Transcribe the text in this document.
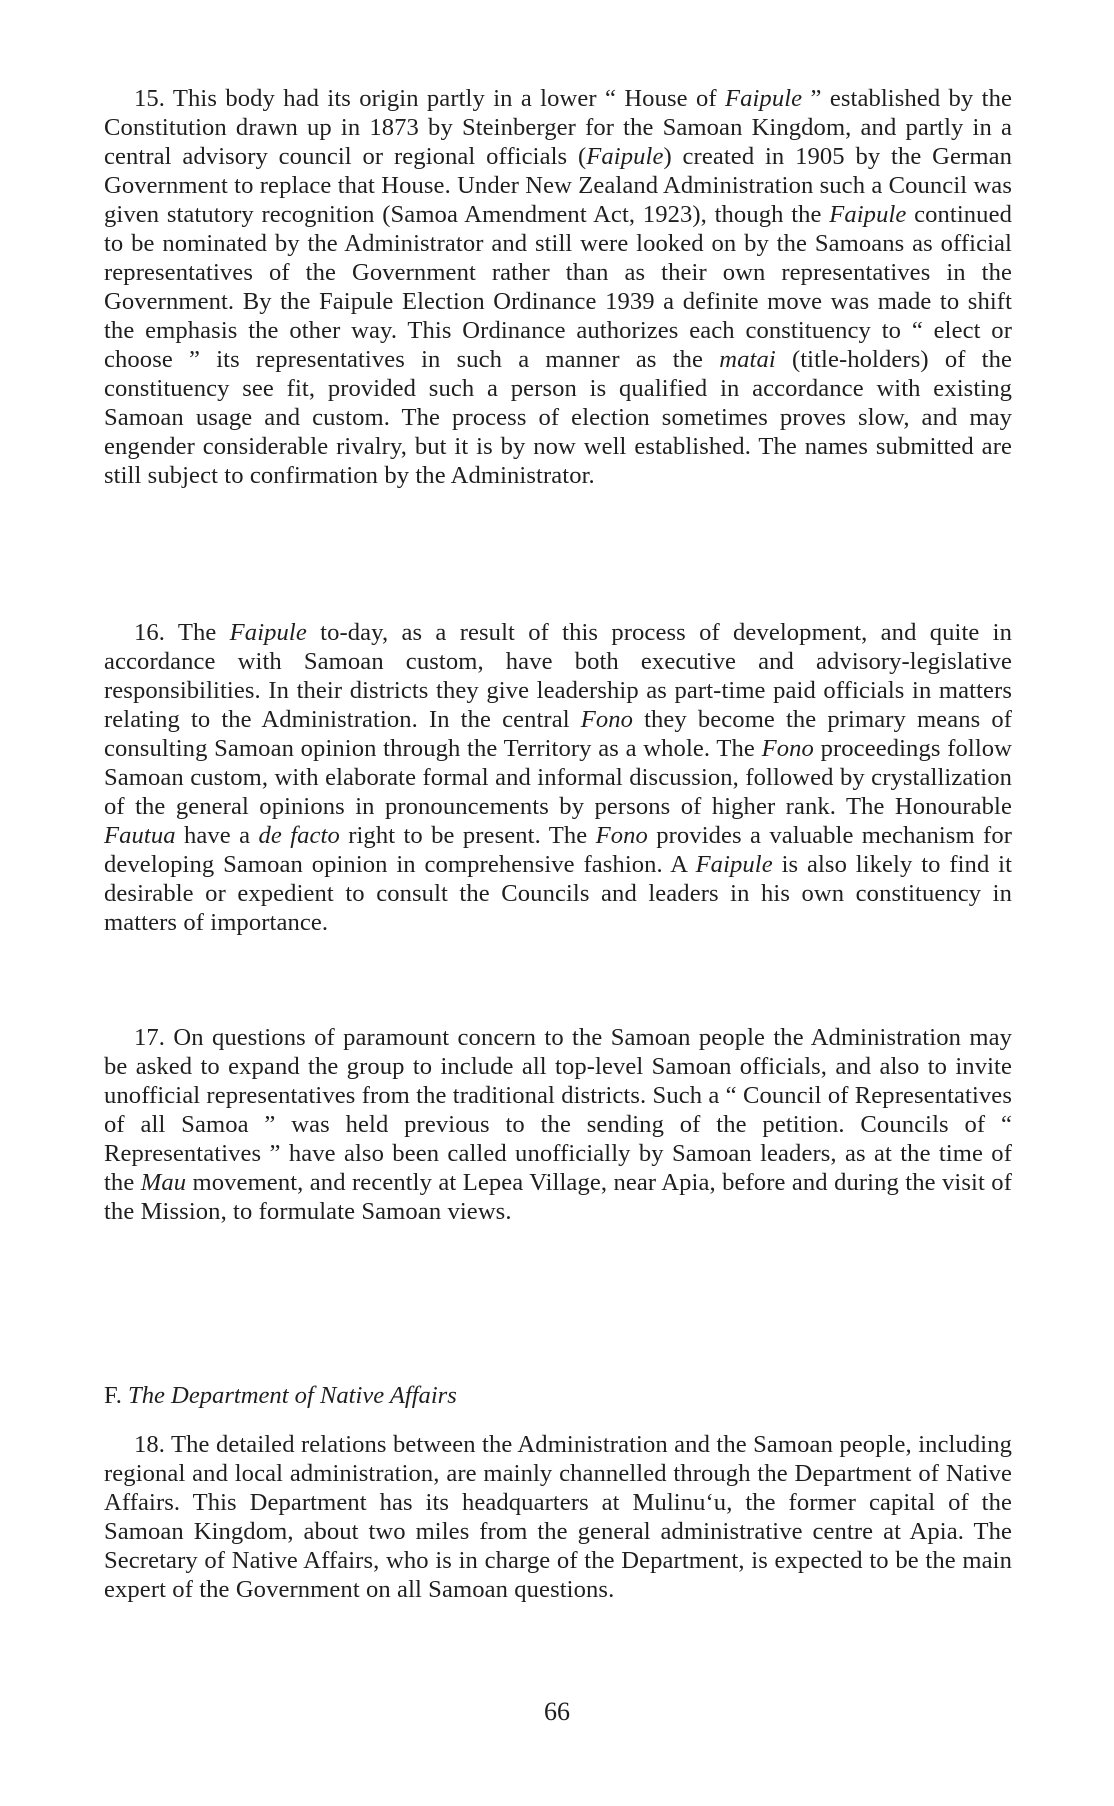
15. This body had its origin partly in a lower “ House of Faipule ” established by the Constitution drawn up in 1873 by Steinberger for the Samoan Kingdom, and partly in a central advisory council or regional officials (Faipule) created in 1905 by the German Government to replace that House. Under New Zealand Administration such a Council was given statutory recognition (Samoa Amendment Act, 1923), though the Faipule continued to be nominated by the Administrator and still were looked on by the Samoans as official representatives of the Government rather than as their own representatives in the Government. By the Faipule Election Ordinance 1939 a definite move was made to shift the emphasis the other way. This Ordinance authorizes each constituency to “ elect or choose ” its representatives in such a manner as the matai (title-holders) of the constituency see fit, provided such a person is qualified in accordance with existing Samoan usage and custom. The process of election sometimes proves slow, and may engender considerable rivalry, but it is by now well established. The names submitted are still subject to confirmation by the Administrator.

16. The Faipule to-day, as a result of this process of development, and quite in accordance with Samoan custom, have both executive and advisory-legislative responsibilities. In their districts they give leadership as part-time paid officials in matters relating to the Administration. In the central Fono they become the primary means of consulting Samoan opinion through the Territory as a whole. The Fono proceedings follow Samoan custom, with elaborate formal and informal discussion, followed by crystallization of the general opinions in pronouncements by persons of higher rank. The Honourable Fautua have a de facto right to be present. The Fono provides a valuable mechanism for developing Samoan opinion in comprehensive fashion. A Faipule is also likely to find it desirable or expedient to consult the Councils and leaders in his own constituency in matters of importance.

17. On questions of paramount concern to the Samoan people the Administration may be asked to expand the group to include all top-level Samoan officials, and also to invite unofficial representatives from the traditional districts. Such a “ Council of Representatives of all Samoa ” was held previous to the sending of the petition. Councils of “ Representatives ” have also been called unofficially by Samoan leaders, as at the time of the Mau movement, and recently at Lepea Village, near Apia, before and during the visit of the Mission, to formulate Samoan views.

F. The Department of Native Affairs

18. The detailed relations between the Administration and the Samoan people, including regional and local administration, are mainly channelled through the Department of Native Affairs. This Department has its headquarters at Mulinu‘u, the former capital of the Samoan Kingdom, about two miles from the general administrative centre at Apia. The Secretary of Native Affairs, who is in charge of the Department, is expected to be the main expert of the Government on all Samoan questions.

66
